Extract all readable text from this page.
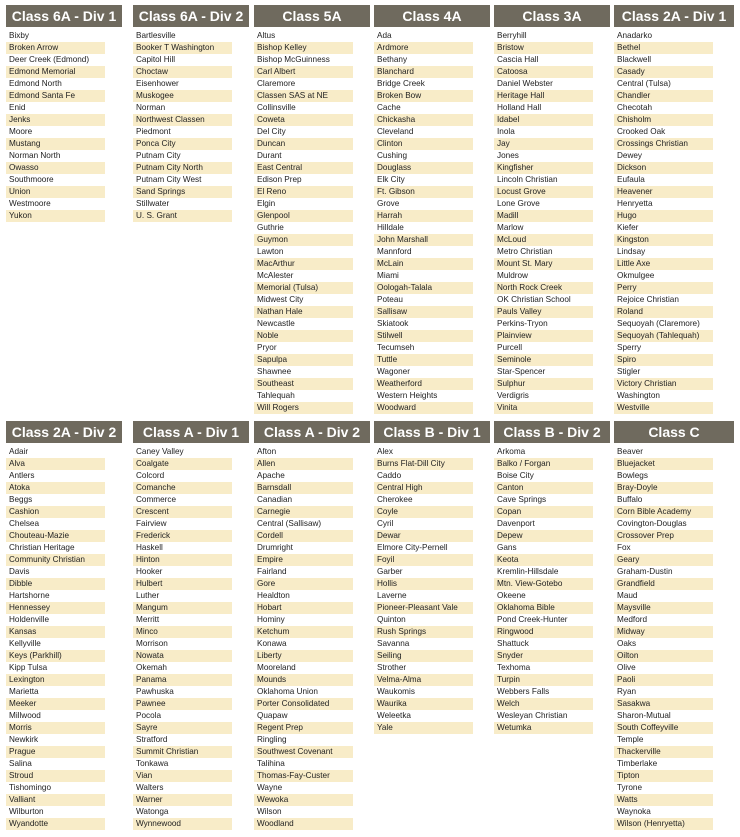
Class 6A - Div 1
Bixby
Broken Arrow
Deer Creek (Edmond)
Edmond Memorial
Edmond North
Edmond Santa Fe
Enid
Jenks
Moore
Mustang
Norman North
Owasso
Southmoore
Union
Westmoore
Yukon
Class 6A - Div 2
Bartlesville
Booker T Washington
Capitol Hill
Choctaw
Eisenhower
Muskogee
Norman
Northwest Classen
Piedmont
Ponca City
Putnam City
Putnam City North
Putnam City West
Sand Springs
Stillwater
U. S. Grant
Class 5A
Altus
Bishop Kelley
Bishop McGuinness
Carl Albert
Claremore
Classen SAS at NE
Collinsville
Coweta
Del City
Duncan
Durant
East Central
Edison Prep
El Reno
Elgin
Glenpool
Guthrie
Guymon
Lawton
MacArthur
McAlester
Memorial (Tulsa)
Midwest City
Nathan Hale
Newcastle
Noble
Pryor
Sapulpa
Shawnee
Southeast
Tahlequah
Will Rogers
Class 4A
Ada
Ardmore
Bethany
Blanchard
Bridge Creek
Broken Bow
Cache
Chickasha
Cleveland
Clinton
Cushing
Douglass
Elk City
Ft. Gibson
Grove
Harrah
Hilldale
John Marshall
Mannford
McLain
Miami
Oologah-Talala
Poteau
Sallisaw
Skiatook
Stilwell
Tecumseh
Tuttle
Wagoner
Weatherford
Western Heights
Woodward
Class 3A
Berryhill
Bristow
Cascia Hall
Catoosa
Daniel Webster
Heritage Hall
Holland Hall
Idabel
Inola
Jay
Jones
Kingfisher
Lincoln Christian
Locust Grove
Lone Grove
Madill
Marlow
McLoud
Metro Christian
Mount St. Mary
Muldrow
North Rock Creek
OK Christian School
Pauls Valley
Perkins-Tryon
Plainview
Purcell
Seminole
Star-Spencer
Sulphur
Verdigris
Vinita
Class 2A - Div 1
Anadarko
Bethel
Blackwell
Casady
Central (Tulsa)
Chandler
Checotah
Chisholm
Crooked Oak
Crossings Christian
Dewey
Dickson
Eufaula
Heavener
Henryetta
Hugo
Kiefer
Kingston
Lindsay
Little Axe
Okmulgee
Perry
Rejoice Christian
Roland
Sequoyah (Claremore)
Sequoyah (Tahlequah)
Sperry
Spiro
Stigler
Victory Christian
Washington
Westville
Class 2A - Div 2
Adair
Alva
Antlers
Atoka
Beggs
Cashion
Chelsea
Chouteau-Mazie
Christian Heritage
Community Christian
Davis
Dibble
Hartshorne
Hennessey
Holdenville
Kansas
Kellyville
Keys (Parkhill)
Kipp Tulsa
Lexington
Marietta
Meeker
Millwood
Morris
Newkirk
Prague
Salina
Stroud
Tishomingo
Valliant
Wilburton
Wyandotte
Class A - Div 1
Caney Valley
Coalgate
Colcord
Comanche
Commerce
Crescent
Fairview
Frederick
Haskell
Hinton
Hooker
Hulbert
Luther
Mangum
Merritt
Minco
Morrison
Nowata
Okemah
Panama
Pawhuska
Pawnee
Pocola
Sayre
Stratford
Summit Christian
Tonkawa
Vian
Walters
Warner
Watonga
Wynnewood
Class A - Div 2
Afton
Allen
Apache
Barnsdall
Canadian
Carnegie
Central (Sallisaw)
Cordell
Drumright
Empire
Fairland
Gore
Healdton
Hobart
Hominy
Ketchum
Konawa
Liberty
Mooreland
Mounds
Oklahoma Union
Porter Consolidated
Quapaw
Regent Prep
Ringling
Southwest Covenant
Talihina
Thomas-Fay-Custer
Wayne
Wewoka
Wilson
Woodland
Class B - Div 1
Alex
Burns Flat-Dill City
Caddo
Central High
Cherokee
Coyle
Cyril
Dewar
Elmore City-Pernell
Foyil
Garber
Hollis
Laverne
Pioneer-Pleasant Vale
Quinton
Rush Springs
Savanna
Seiling
Strother
Velma-Alma
Waukomis
Waurika
Weleetka
Yale
Class B - Div 2
Arkoma
Balko / Forgan
Boise City
Canton
Cave Springs
Copan
Davenport
Depew
Gans
Keota
Kremlin-Hillsdale
Mtn. View-Gotebo
Okeene
Oklahoma Bible
Pond Creek-Hunter
Ringwood
Shattuck
Snyder
Texhoma
Turpin
Webbers Falls
Welch
Wesleyan Christian
Wetumka
Class C
Beaver
Bluejacket
Bowlegs
Bray-Doyle
Buffalo
Corn Bible Academy
Covington-Douglas
Crossover Prep
Fox
Geary
Graham-Dustin
Grandfield
Maud
Maysville
Medford
Midway
Oaks
Oilton
Olive
Paoli
Ryan
Sasakwa
Sharon-Mutual
South Coffeyville
Temple
Thackerville
Timberlake
Tipton
Tyrone
Watts
Waynoka
Wilson (Henryetta)
